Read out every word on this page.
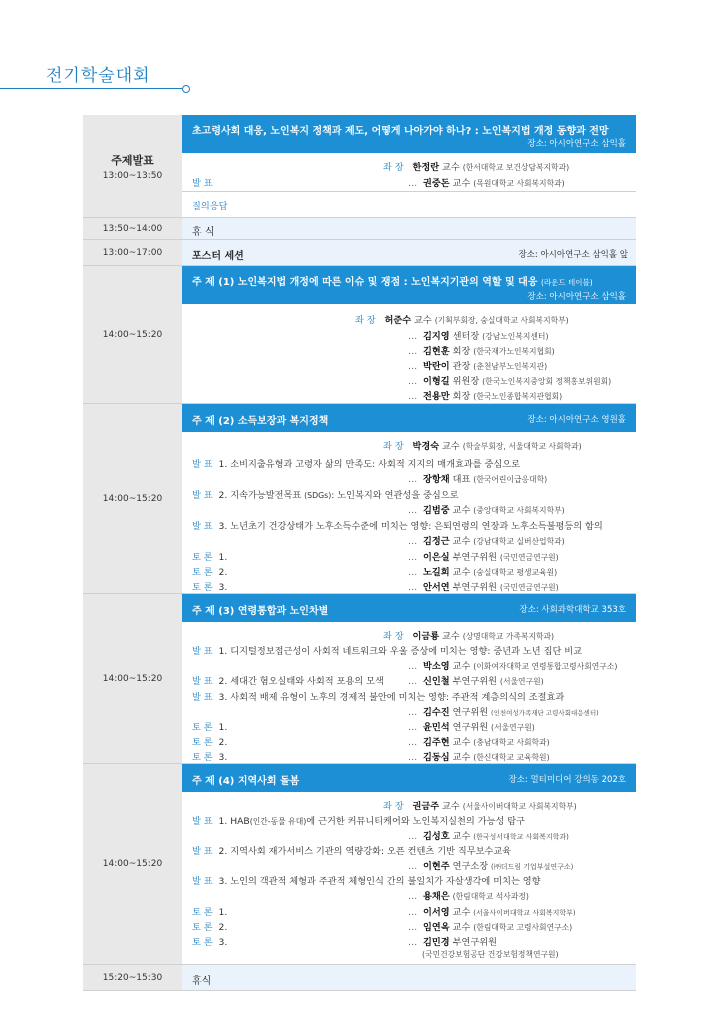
전기학술대회
주제발표
13:00~13:50
초고령사회 대응, 노인복지 정책과 제도, 어떻게 나아가야 하나? : 노인복지법 개정 동향과 전망
장소: 아시아연구소 삼익홀
좌 장 한정란 교수 (한서대학교 보건상담복지학과)
발 표	… 권중돈 교수 (목원대학교 사회복지학과)
질의응답
13:50~14:00	휴 식
13:00~17:00	포스터 세션	장소: 아시아연구소 삼익홀 앞
14:00~15:20
주 제 (1) 노인복지법 개정에 따른 이슈 및 쟁점 : 노인복지기관의 역할 및 대응 (라운드 테이블)
장소: 아시아연구소 삼익홀
좌 장 허준수 교수 (기획부회장, 숭실대학교 사회복지학부)
… 김지영 센터장 (강남노인복지센터)
… 김현훈 회장 (한국재가노인복지협회)
… 박란이 관장 (춘천남부노인복지관)
… 이형길 위원장 (한국노인복지중앙회 정책홍보위원회)
… 전용만 회장 (한국노인종합복지관협회)
14:00~15:20
주 제 (2) 소득보장과 복지정책	장소: 아시아연구소 영원홀
좌 장 박경숙 교수 (학술부회장, 서울대학교 사회학과)
발 표 1. 소비지출유형과 고령자 삶의 만족도: 사회적 지지의 매개효과를 중심으로
… 장항채 대표 (한국어린이급응대학)
발 표 2. 지속가능발전목표 (SDGs): 노인복지와 연관성을 중심으로
… 김범중 교수 (중앙대학교 사회복지학부)
발 표 3. 노년초기 건강상태가 노후소득수준에 미치는 영향: 은퇴연령의 연장과 노후소득불평등의 함의
… 김정근 교수 (강남대학교 실버산업학과)
토 론 1.	… 이은실 부연구위원 (국민연금연구원)
토 론 2.	… 노길희 교수 (숭실대학교 평생교육원)
토 론 3.	… 안서연 부연구위원 (국민연금연구원)
14:00~15:20
주 제 (3) 연령통합과 노인차별	장소: 사회과학대학교 353호
좌 장 이금룡 교수 (상명대학교 가족복지학과)
발 표 1. 디지털정보접근성이 사회적 네트워크와 우울 증상에 미치는 영향: 중년과 노년 집단 비교
… 박소영 교수 (이화여자대학교 연령통합고령사회연구소)
발 표 2. 세대간 혐오실태와 사회적 포용의 모색	… 신인철 부연구위원 (서울연구원)
발 표 3. 사회적 배제 유형이 노후의 경제적 불안에 미치는 영향: 주관적 계층의식의 조절효과
… 김수진 연구위원 (인천여성가족재단 고령사회대응센터)
토 론 1.	… 윤민석 연구위원 (서울연구원)
토 론 2.	… 김주현 교수 (충남대학교 사회학과)
토 론 3.	… 김동심 교수 (한신대학교 교육학원)
14:00~15:20
주 제 (4) 지역사회 돌봄	장소: 멀티미디어 강의동 202호
좌 장 권금주 교수 (서울사이버대학교 사회복지학부)
발 표 1. HAB(인간-동물 유대)에 근거한 커뮤니티케어와 노인복지실천의 가능성 탐구
… 김성호 교수 (한국성서대학교 사회복지학과)
발 표 2. 지역사회 재가서비스 기관의 역량강화: 오픈 컨텐츠 기반 직무보수교육
… 이현주 연구소장 (㈜더드림 기업부설연구소)
발 표 3. 노인의 객관적 체형과 주관적 체형인식 간의 불일치가 자살생각에 미치는 영향
… 용채은 (한림대학교 석사과정)
토 론 1.	… 이서영 교수 (서울사이버대학교 사회복지학부)
토 론 2.	… 임연옥 교수 (한림대학교 고령사회연구소)
토 론 3.	… 김민경 부연구위원
(국민건강보험공단 건강보험정책연구원)
15:20~15:30	휴식
